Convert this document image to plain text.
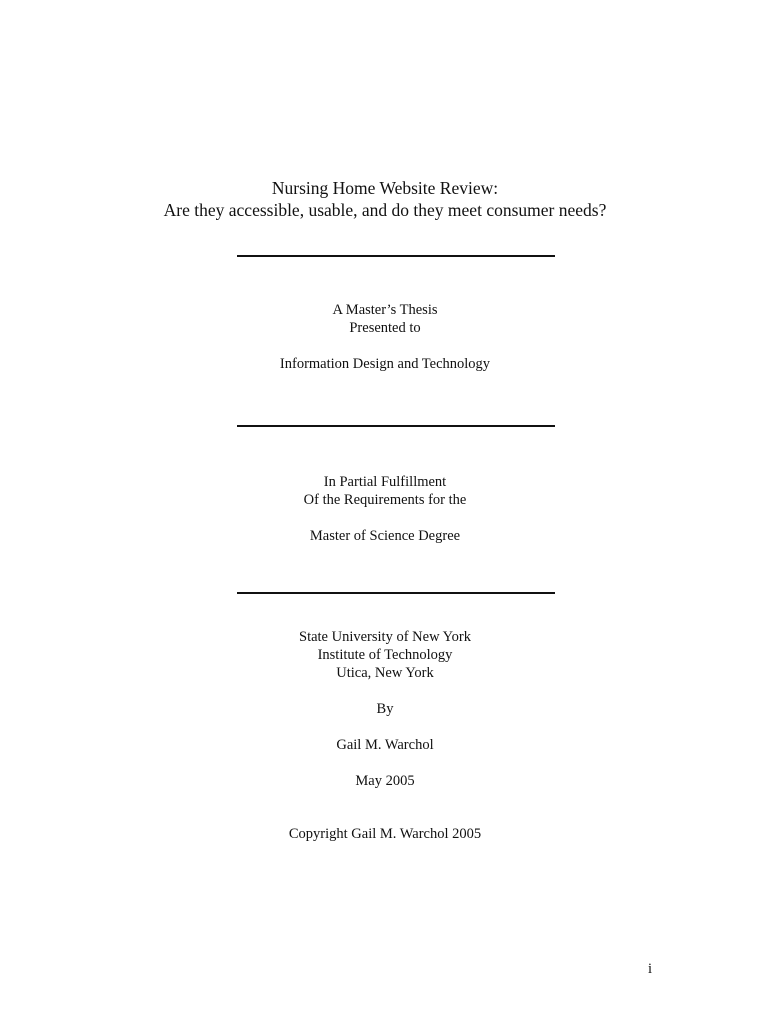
Nursing Home Website Review:
Are they accessible, usable, and do they meet consumer needs?
A Master’s Thesis
Presented to
Information Design and Technology
In Partial Fulfillment
Of the Requirements for the
Master of Science Degree
State University of New York
Institute of Technology
Utica, New York
By
Gail M. Warchol
May 2005
Copyright Gail M. Warchol 2005
i
